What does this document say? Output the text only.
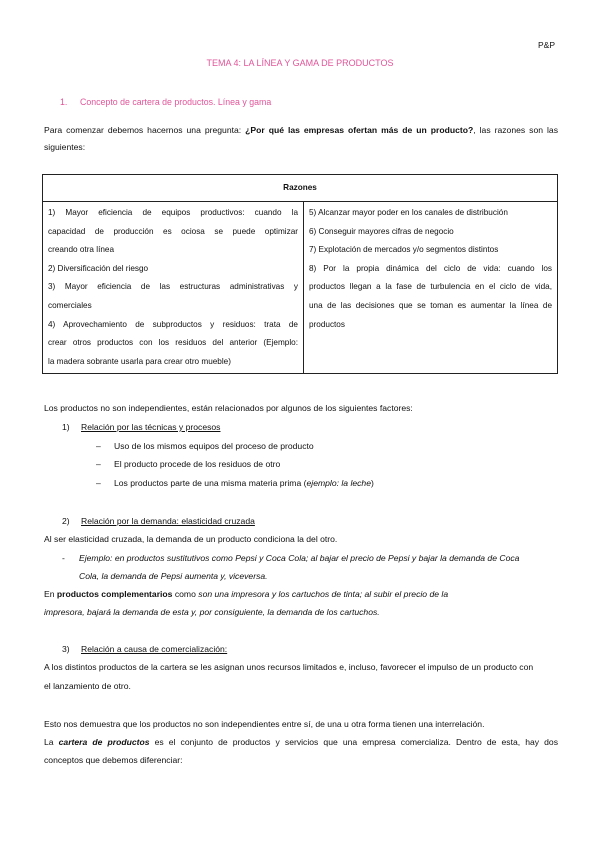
P&P
TEMA 4: LA LÍNEA Y GAMA DE PRODUCTOS
1. Concepto de cartera de productos. Línea y gama
Para comenzar debemos hacernos una pregunta: ¿Por qué las empresas ofertan más de un producto?, las razones son las siguientes:
Razones

1) Mayor eficiencia de equipos productivos: cuando la
capacidad de producción es ociosa se puede optimizar
creando otra línea
2) Diversificación del riesgo
3) Mayor eficiencia de las estructuras administrativas y
comerciales
4) Aprovechamiento de subproductos y residuos: trata de
crear otros productos con los residuos del anterior (Ejemplo:
la madera sobrante usarla para crear otro mueble)

5) Alcanzar mayor poder en los canales de distribución
6) Conseguir mayores cifras de negocio
7) Explotación de mercados y/o segmentos distintos
8) Por la propia dinámica del ciclo de vida: cuando los
productos llegan a la fase de turbulencia en el ciclo de vida,
una de las decisiones que se toman es aumentar la línea de
productos
Los productos no son independientes, están relacionados por algunos de los siguientes factores:
1) Relación por las técnicas y procesos
– Uso de los mismos equipos del proceso de producto
– El producto procede de los residuos de otro
– Los productos parte de una misma materia prima (ejemplo: la leche)
2) Relación por la demanda: elasticidad cruzada
Al ser elasticidad cruzada, la demanda de un producto condiciona la del otro.
- Ejemplo: en productos sustitutivos como Pepsi y Coca Cola; al bajar el precio de Pepsi y bajar la demanda de Coca
Cola, la demanda de Pepsi aumenta y, viceversa.
En productos complementarios como son una impresora y los cartuchos de tinta; al subir el precio de la
impresora, bajará la demanda de esta y, por consiguiente, la demanda de los cartuchos.
3) Relación a causa de comercialización:
A los distintos productos de la cartera se les asignan unos recursos limitados e, incluso, favorecer el impulso de un producto con
el lanzamiento de otro.
Esto nos demuestra que los productos no son independientes entre sí, de una u otra forma tienen una interrelación.
La cartera de productos es el conjunto de productos y servicios que una empresa comercializa. Dentro de esta, hay dos
conceptos que debemos diferenciar:
